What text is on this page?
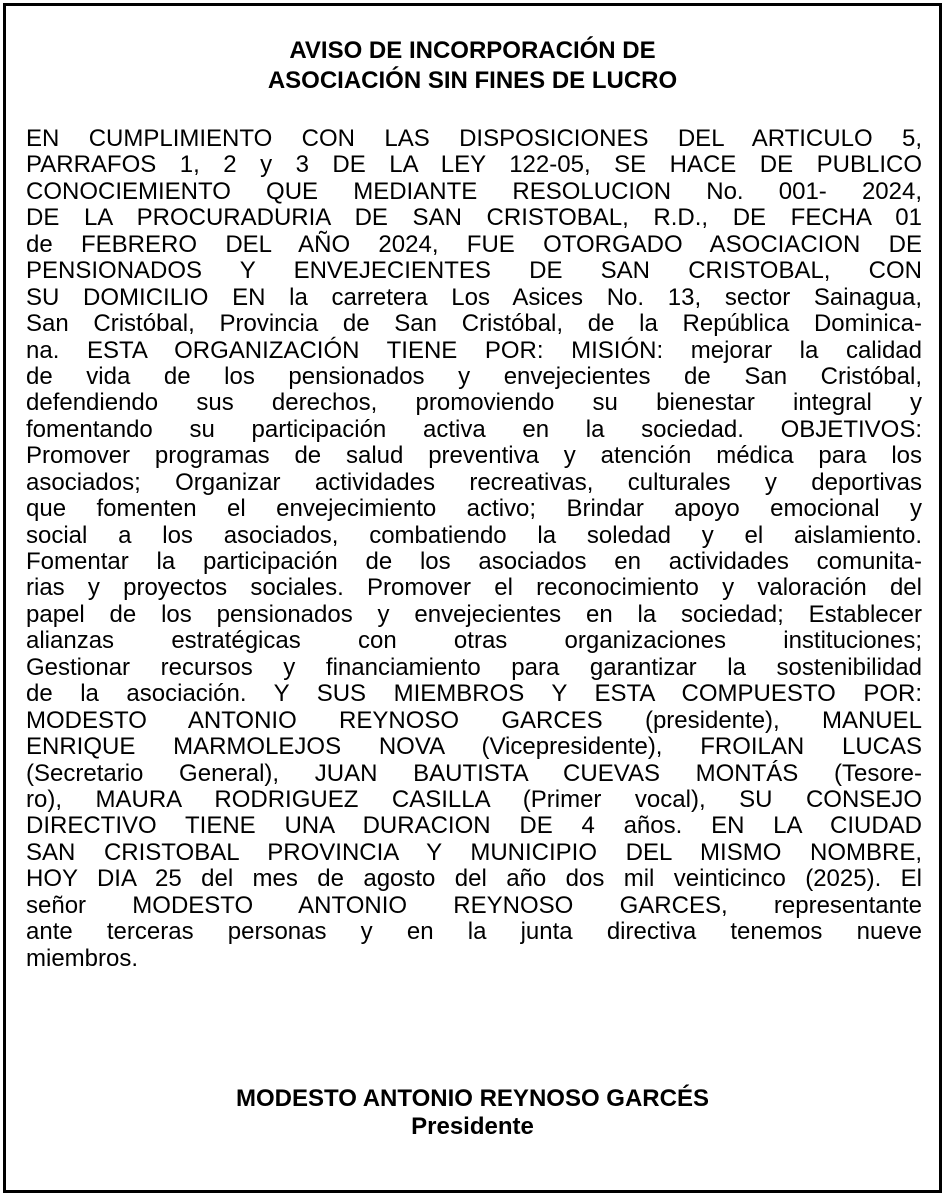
AVISO DE INCORPORACIÓN DE
ASOCIACIÓN SIN FINES DE LUCRO
EN CUMPLIMIENTO CON LAS DISPOSICIONES DEL ARTICULO 5,
PARRAFOS 1, 2 y 3 DE LA LEY 122-05, SE HACE DE PUBLICO
CONOCIEMIENTO QUE MEDIANTE RESOLUCION No. 001- 2024,
DE LA PROCURADURIA DE SAN CRISTOBAL, R.D., DE FECHA 01
de FEBRERO DEL AÑO 2024, FUE OTORGADO ASOCIACION DE
PENSIONADOS Y ENVEJECIENTES DE SAN CRISTOBAL, CON
SU DOMICILIO EN la carretera Los Asices No. 13, sector Sainagua,
San Cristóbal, Provincia de San Cristóbal, de la República Dominica-
na. ESTA ORGANIZACIÓN TIENE POR: MISIÓN: mejorar la calidad
de vida de los pensionados y envejecientes de San Cristóbal,
defendiendo sus derechos, promoviendo su bienestar integral y
fomentando su participación activa en la sociedad. OBJETIVOS:
Promover programas de salud preventiva y atención médica para los
asociados; Organizar actividades recreativas, culturales y deportivas
que fomenten el envejecimiento activo; Brindar apoyo emocional y
social a los asociados, combatiendo la soledad y el aislamiento.
Fomentar la participación de los asociados en actividades comunita-
rias y proyectos sociales. Promover el reconocimiento y valoración del
papel de los pensionados y envejecientes en la sociedad; Establecer
alianzas estratégicas con otras organizaciones instituciones;
Gestionar recursos y financiamiento para garantizar la sostenibilidad
de la asociación. Y SUS MIEMBROS Y ESTA COMPUESTO POR:
MODESTO ANTONIO REYNOSO GARCES (presidente), MANUEL
ENRIQUE MARMOLEJOS NOVA (Vicepresidente), FROILAN LUCAS
(Secretario General), JUAN BAUTISTA CUEVAS MONTÁS (Tesore-
ro), MAURA RODRIGUEZ CASILLA (Primer vocal), SU CONSEJO
DIRECTIVO TIENE UNA DURACION DE 4 años. EN LA CIUDAD
SAN CRISTOBAL PROVINCIA Y MUNICIPIO DEL MISMO NOMBRE,
HOY DIA 25 del mes de agosto del año dos mil veinticinco (2025). El
señor MODESTO ANTONIO REYNOSO GARCES, representante
ante terceras personas y en la junta directiva tenemos nueve
miembros.
MODESTO ANTONIO REYNOSO GARCÉS
Presidente
